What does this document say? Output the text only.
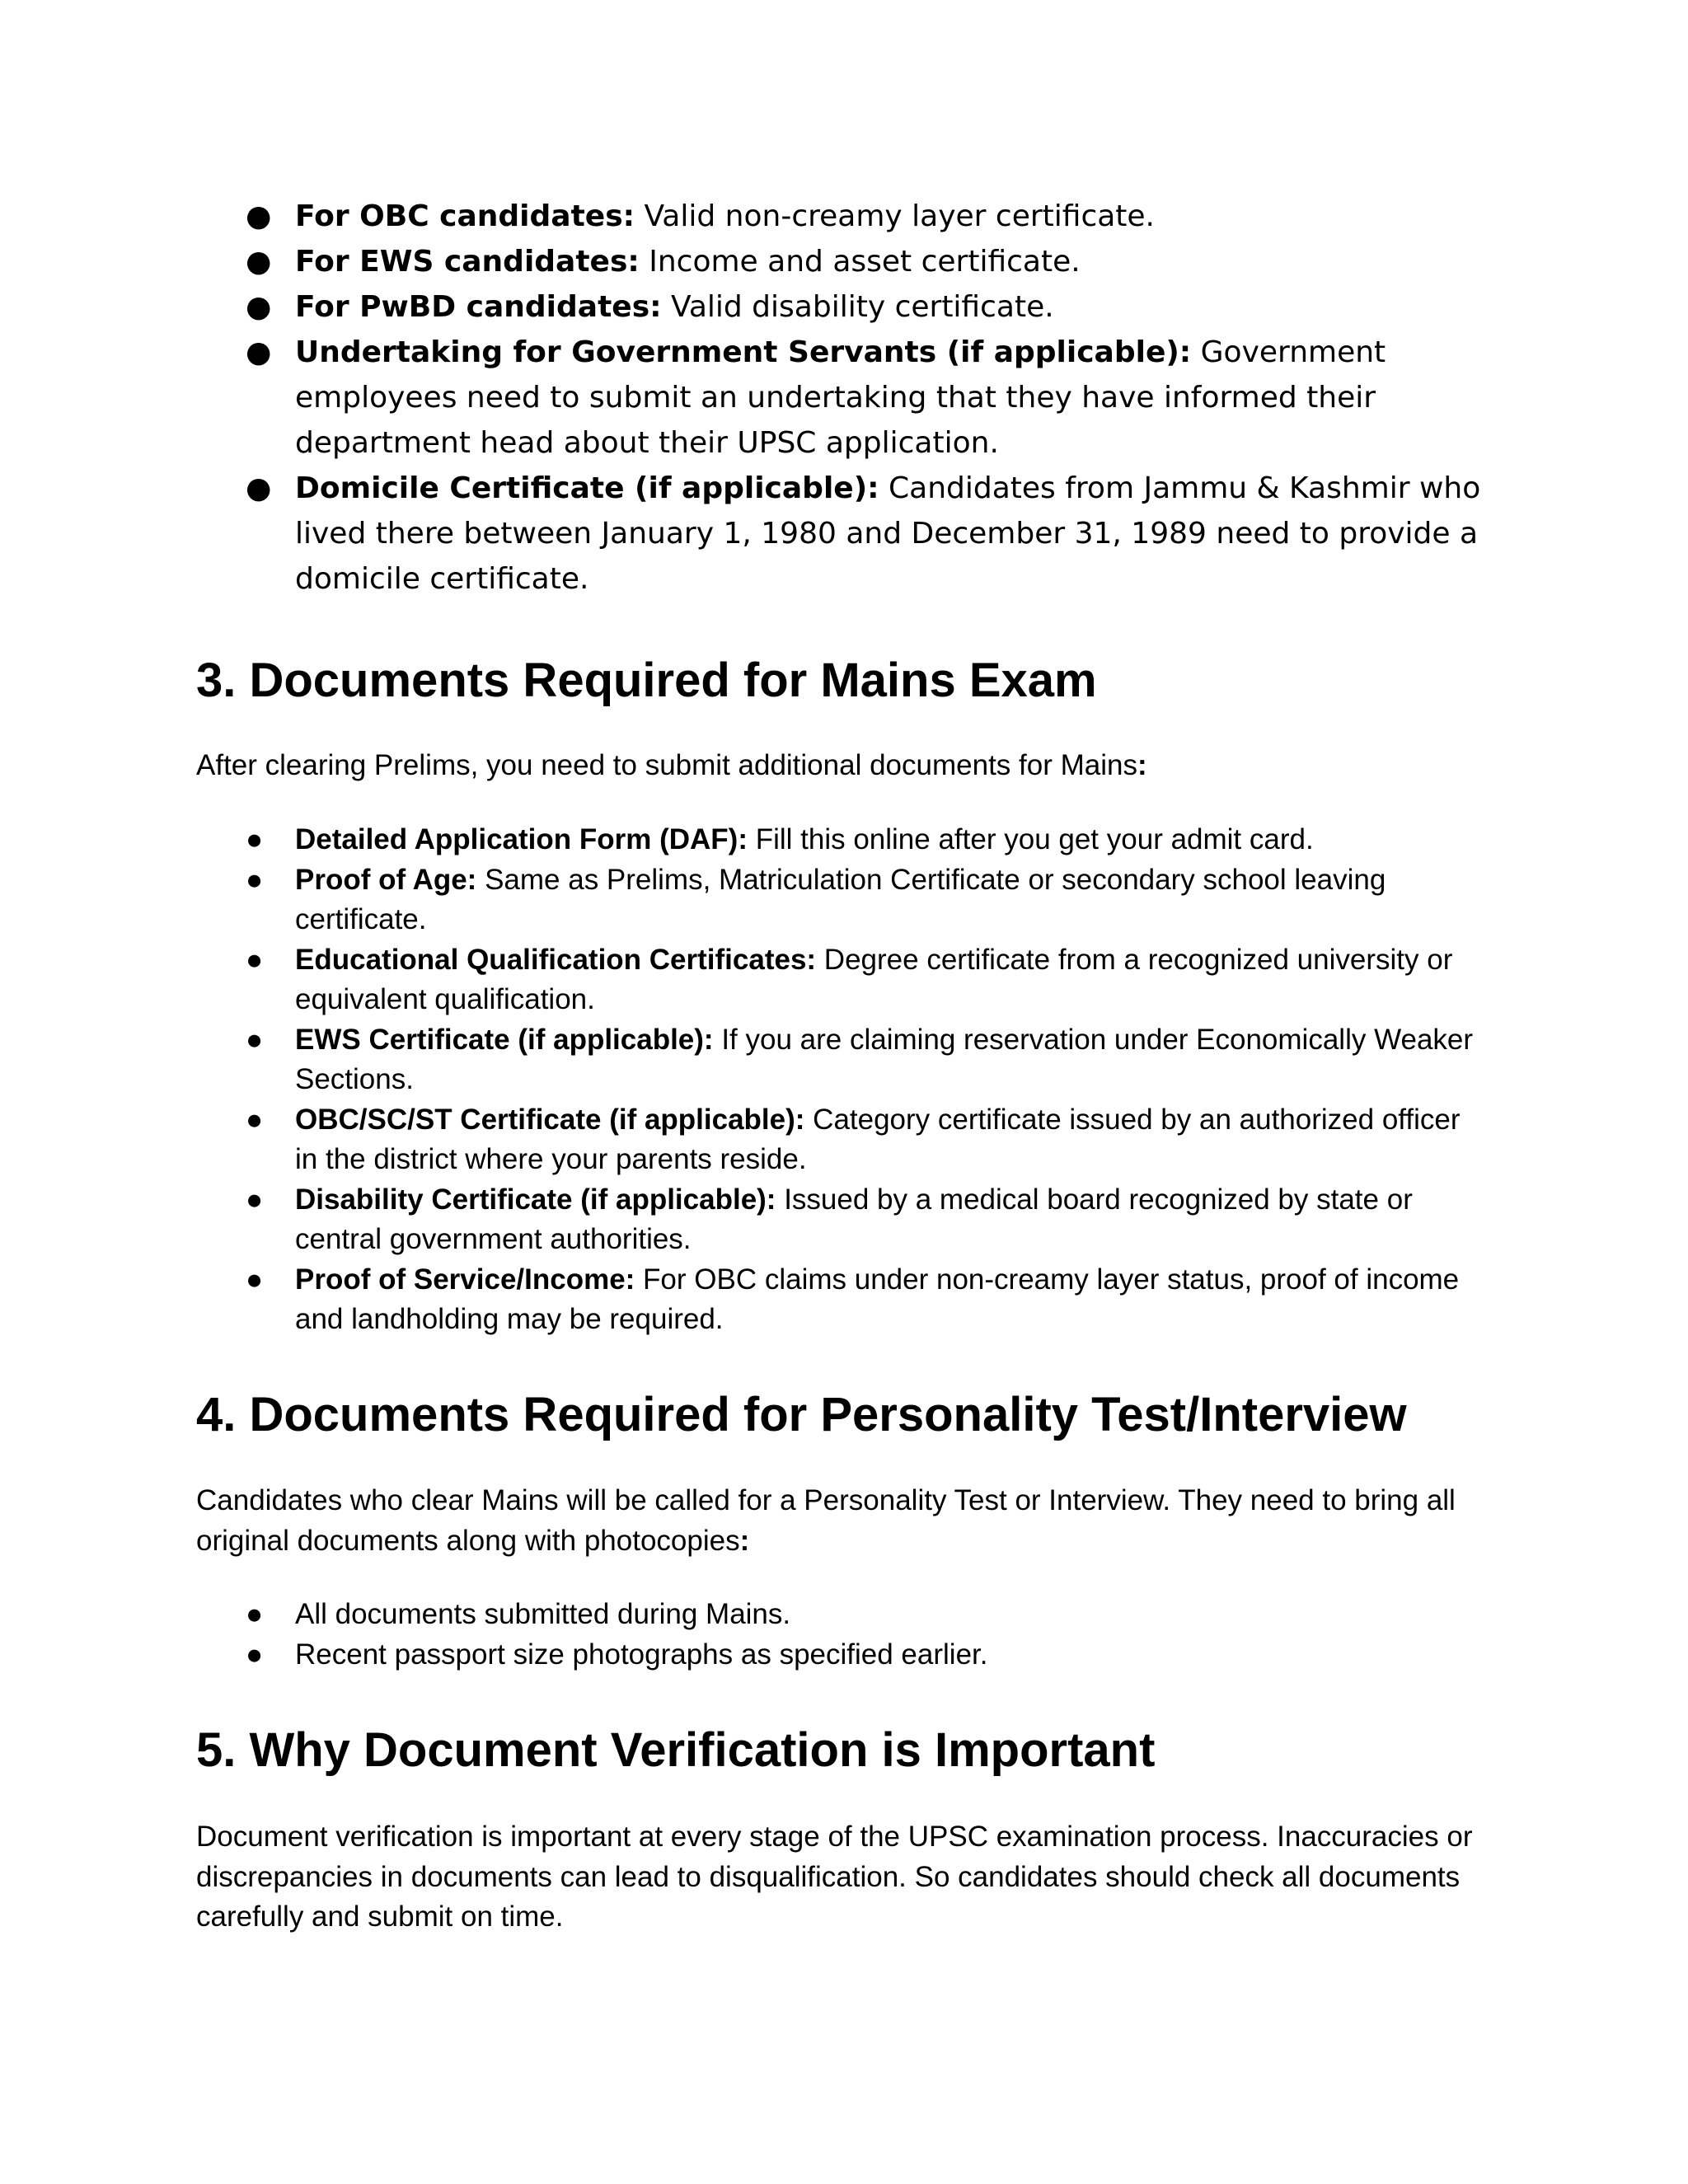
● For OBC candidates: Valid non-creamy layer certificate.
● For EWS candidates: Income and asset certificate.
● For PwBD candidates: Valid disability certificate.
● Undertaking for Government Servants (if applicable): Government employees need to submit an undertaking that they have informed their department head about their UPSC application.
● Domicile Certificate (if applicable): Candidates from Jammu & Kashmir who lived there between January 1, 1980 and December 31, 1989 need to provide a domicile certificate.
3. Documents Required for Mains Exam

After clearing Prelims, you need to submit additional documents for Mains:

● Detailed Application Form (DAF): Fill this online after you get your admit card.
● Proof of Age: Same as Prelims, Matriculation Certificate or secondary school leaving certificate.
● Educational Qualification Certificates: Degree certificate from a recognized university or equivalent qualification.
● EWS Certificate (if applicable): If you are claiming reservation under Economically Weaker Sections.
● OBC/SC/ST Certificate (if applicable): Category certificate issued by an authorized officer in the district where your parents reside.
● Disability Certificate (if applicable): Issued by a medical board recognized by state or central government authorities.
● Proof of Service/Income: For OBC claims under non-creamy layer status, proof of income and landholding may be required.
4. Documents Required for Personality Test/Interview

Candidates who clear Mains will be called for a Personality Test or Interview. They need to bring all original documents along with photocopies:

● All documents submitted during Mains.
● Recent passport size photographs as specified earlier.
5. Why Document Verification is Important

Document verification is important at every stage of the UPSC examination process. Inaccuracies or discrepancies in documents can lead to disqualification. So candidates should check all documents carefully and submit on time.
